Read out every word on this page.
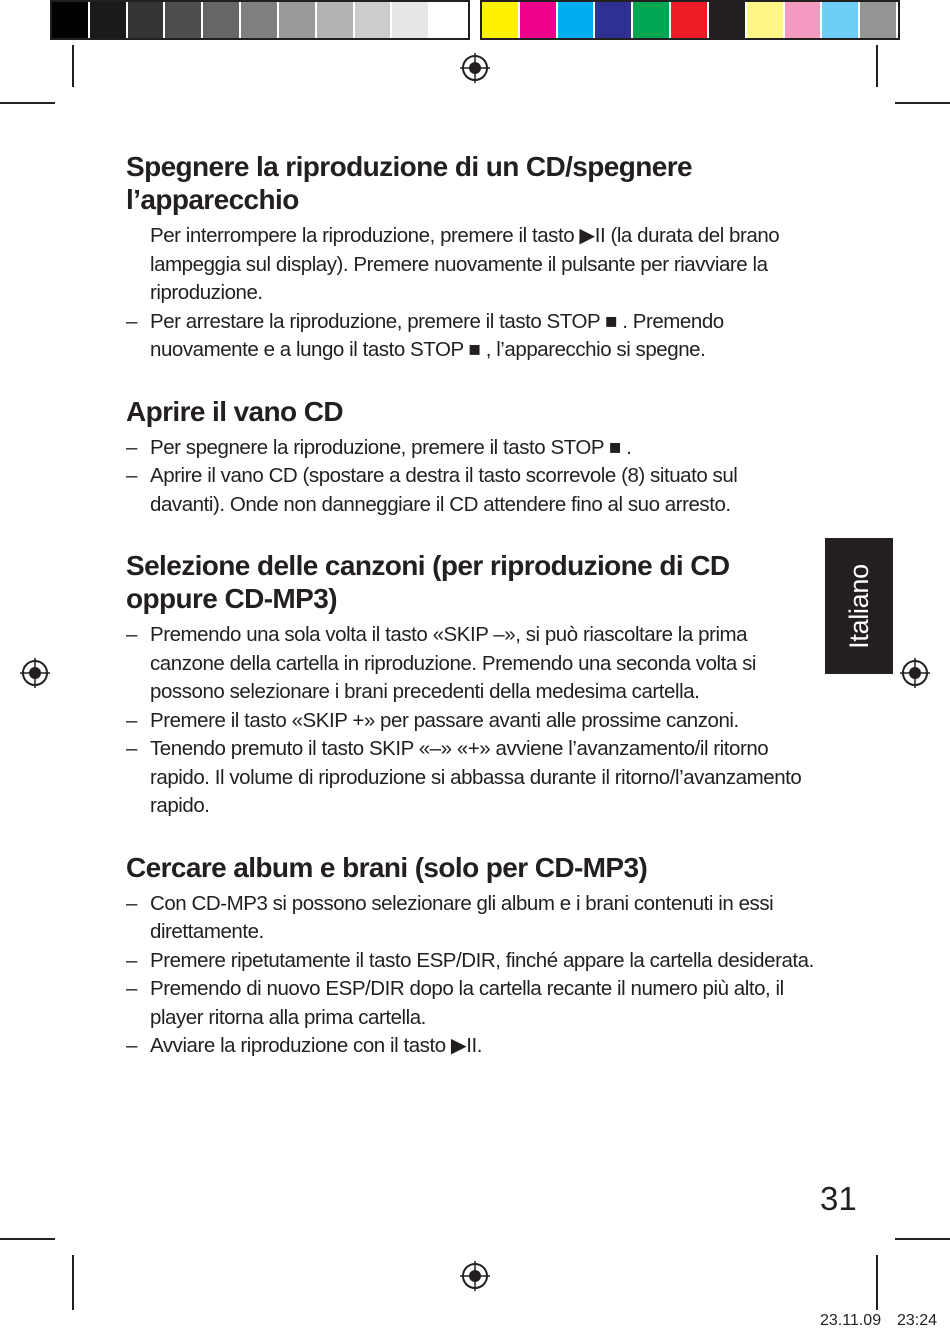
Spegnere la riproduzione di un CD/spegnere l’apparecchio
Per interrompere la riproduzione, premere il tasto ▶II (la durata del brano lampeggia sul display). Premere nuovamente il pulsante per riavviare la riproduzione.
– Per arrestare la riproduzione, premere il tasto STOP ■ . Premendo nuovamente e a lungo il tasto STOP ■ , l’apparecchio si spegne.
Aprire il vano CD
– Per spegnere la riproduzione, premere il tasto STOP ■ .
– Aprire il vano CD (spostare a destra il tasto scorrevole (8) situato sul davanti). Onde non danneggiare il CD attendere fino al suo arresto.
Selezione delle canzoni (per riproduzione di CD oppure CD-MP3)
– Premendo una sola volta il tasto «SKIP –», si può riascoltare la prima canzone della cartella in riproduzione. Premendo una seconda volta si possono selezionare i brani precedenti della medesima cartella.
– Premere il tasto «SKIP +» per passare avanti alle prossime canzoni.
– Tenendo premuto il tasto SKIP «–» «+» avviene l’avanzamento/il ritorno rapido. Il volume di riproduzione si abbassa durante il ritorno/l’avanzamento rapido.
Cercare album e brani (solo per CD-MP3)
– Con CD-MP3 si possono selezionare gli album e i brani contenuti in essi direttamente.
– Premere ripetutamente il tasto ESP/DIR, finché appare la cartella desiderata.
– Premendo di nuovo ESP/DIR dopo la cartella recante il numero più alto, il player ritorna alla prima cartella.
– Avviare la riproduzione con il tasto ▶II.
Italiano
31
23.11.09 23:24
